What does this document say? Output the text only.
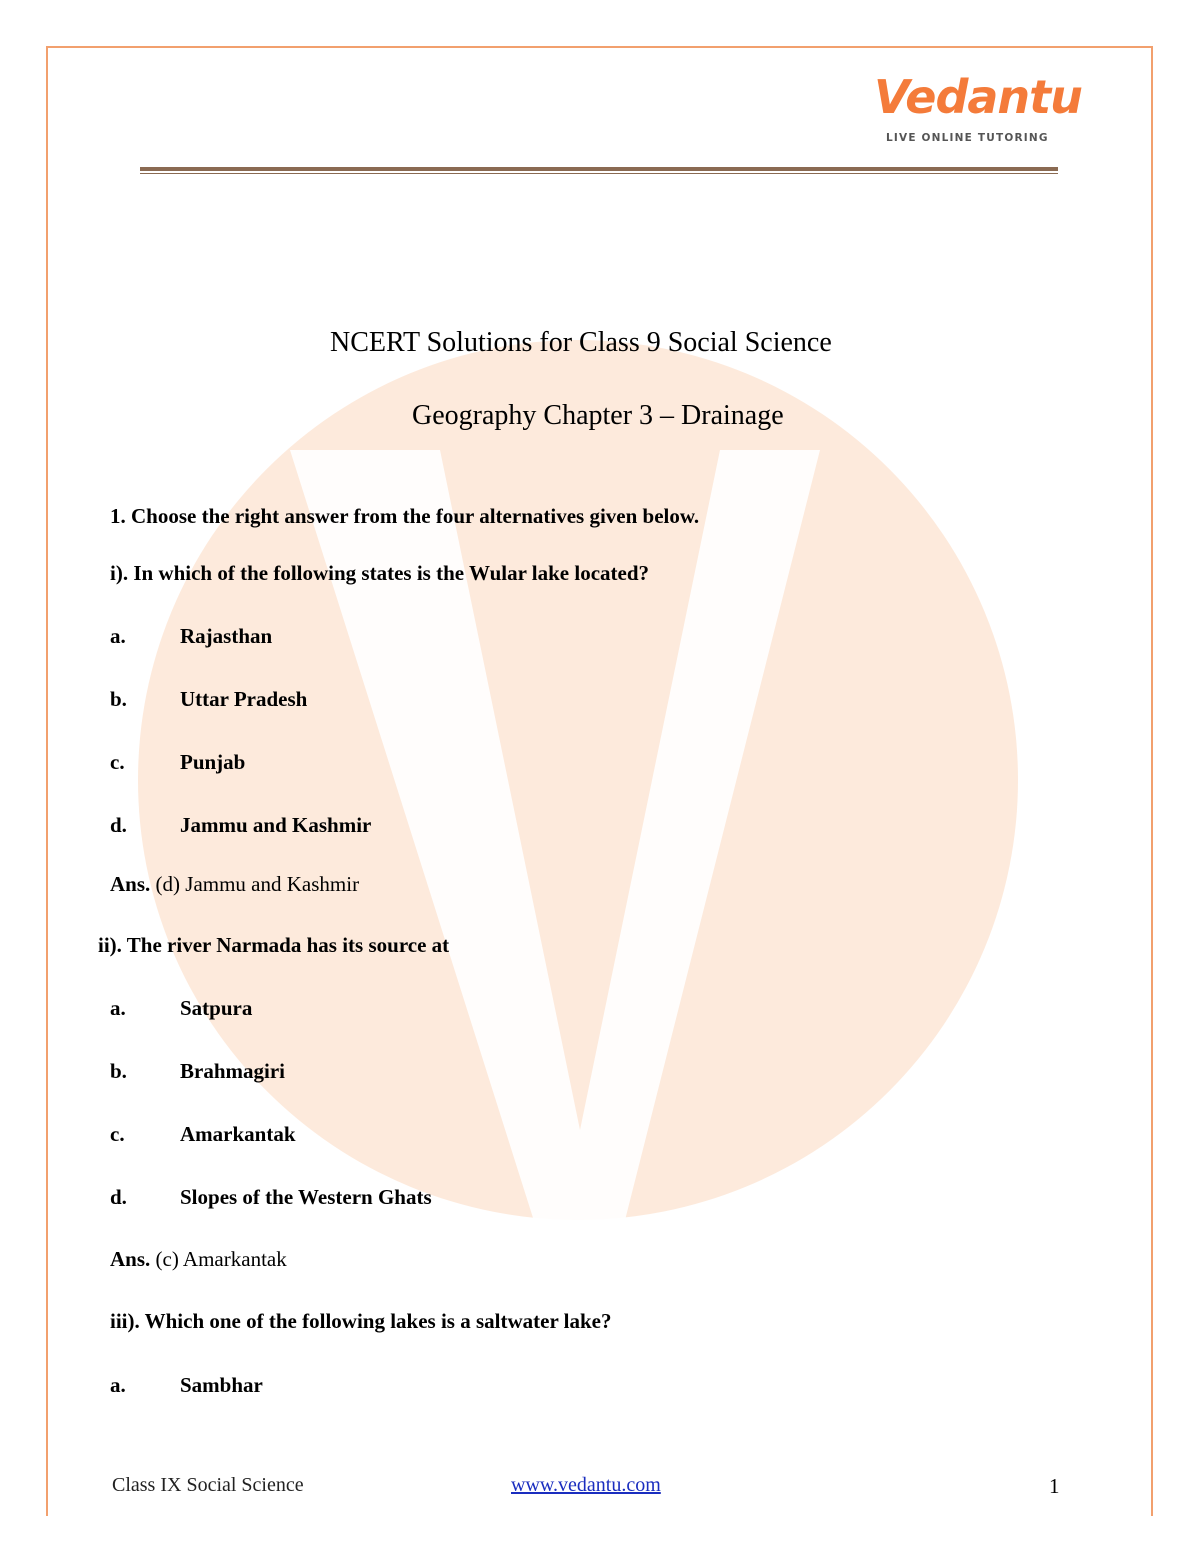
Vedantu
LIVE ONLINE TUTORING
NCERT Solutions for Class 9 Social Science
Geography Chapter 3 – Drainage
1. Choose the right answer from the four alternatives given below.
i). In which of the following states is the Wular lake located?
a.	Rajasthan
b.	Uttar Pradesh
c.	Punjab
d.	Jammu and Kashmir
Ans. (d) Jammu and Kashmir
ii). The river Narmada has its source at
a.	Satpura
b.	Brahmagiri
c.	Amarkantak
d.	Slopes of the Western Ghats
Ans. (c) Amarkantak
iii). Which one of the following lakes is a saltwater lake?
a.	Sambhar
Class IX Social Science	www.vedantu.com	1
